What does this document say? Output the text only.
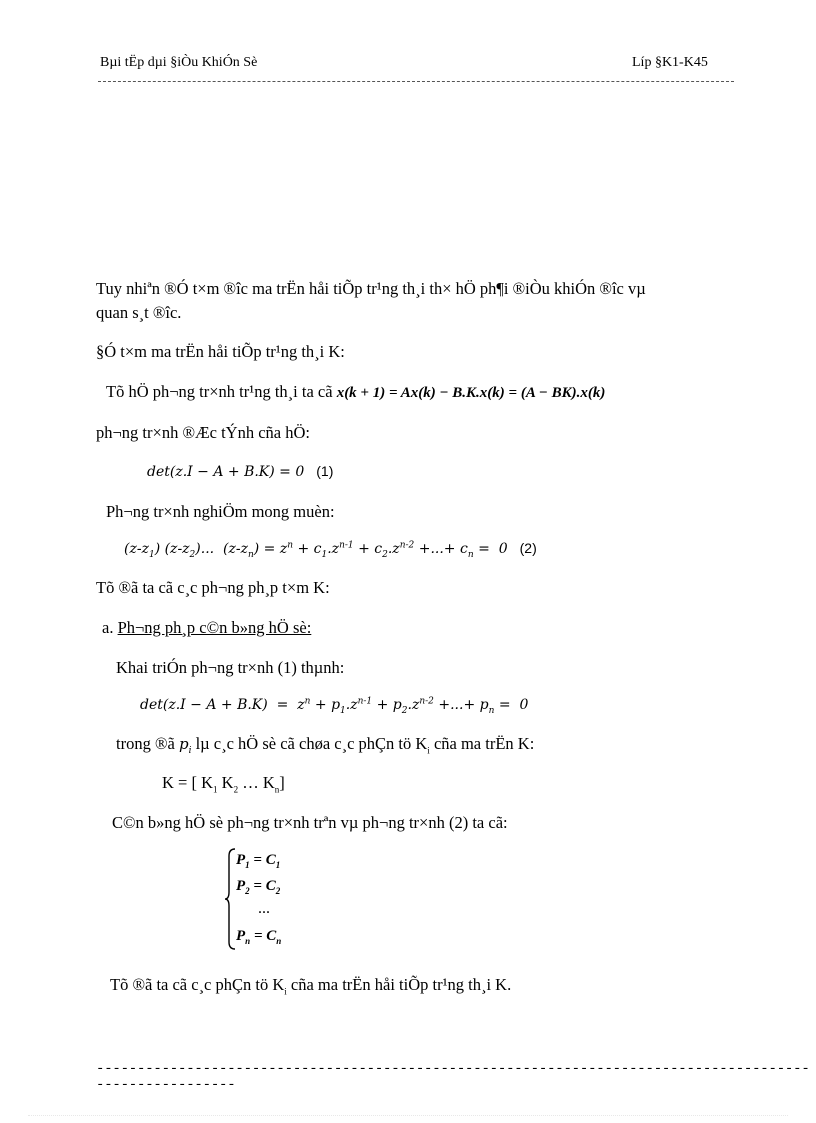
Bµi tËp dµi §iÒu KhiÓn Sè	Líp §K1-K45
Tuy nhiªn ®Ó t×m ®îc ma trËn håi tiÕp tr¹ng th¸i th× hÖ ph¶i ®iÒu khiÓn ®îc vµ
quan s¸t ®îc.
§Ó t×m ma trËn håi tiÕp tr¹ng th¸i K:
Tõ hÖ ph¬ng tr×nh tr¹ng th¸i ta cã x(k + 1) = Ax(k) − B.K.x(k) = (A − BK).x(k)
ph¬ng tr×nh ®Æc tÝnh cña hÖ:
det(z.I − A + B.K) = 0 (1)
Ph¬ng tr×nh nghiÖm mong muèn:
$(z-z_1)$ $(z-z_2)$...  $(z-z_n) = z^n + c_1.z^{n-1} + c_2.z^{n-2}$ +...+ $c_n = 0$ (2)
Tõ ®ã ta cã c¸c ph¬ng ph¸p t×m K:
a. Ph¬ng ph¸p c©n b»ng hÖ sè:
Khai triÓn ph¬ng tr×nh (1) thµnh:
$\det(z.I - A + B.K) = z^n + p_1.z^{n-1} + p_2.z^{n-2}$ +...+ $p_n = 0$
trong ®ã $p_i$ lµ c¸c hÖ sè cã chøa c¸c phÇn tö $K_i$ cña ma trËn K:
K = [ $K_1$ $K_2$ … $K_n$]
C©n b»ng hÖ sè ph¬ng tr×nh trªn vµ ph¬ng tr×nh (2) ta cã:
$P_1 = C_1$
$P_2 = C_2$
...
$P_n = C_n$
Tõ ®ã ta cã c¸c phÇn tö $K_i$ cña ma trËn håi tiÕp tr¹ng th¸i K.
--------------------------------------------------------------------------------------------------------
